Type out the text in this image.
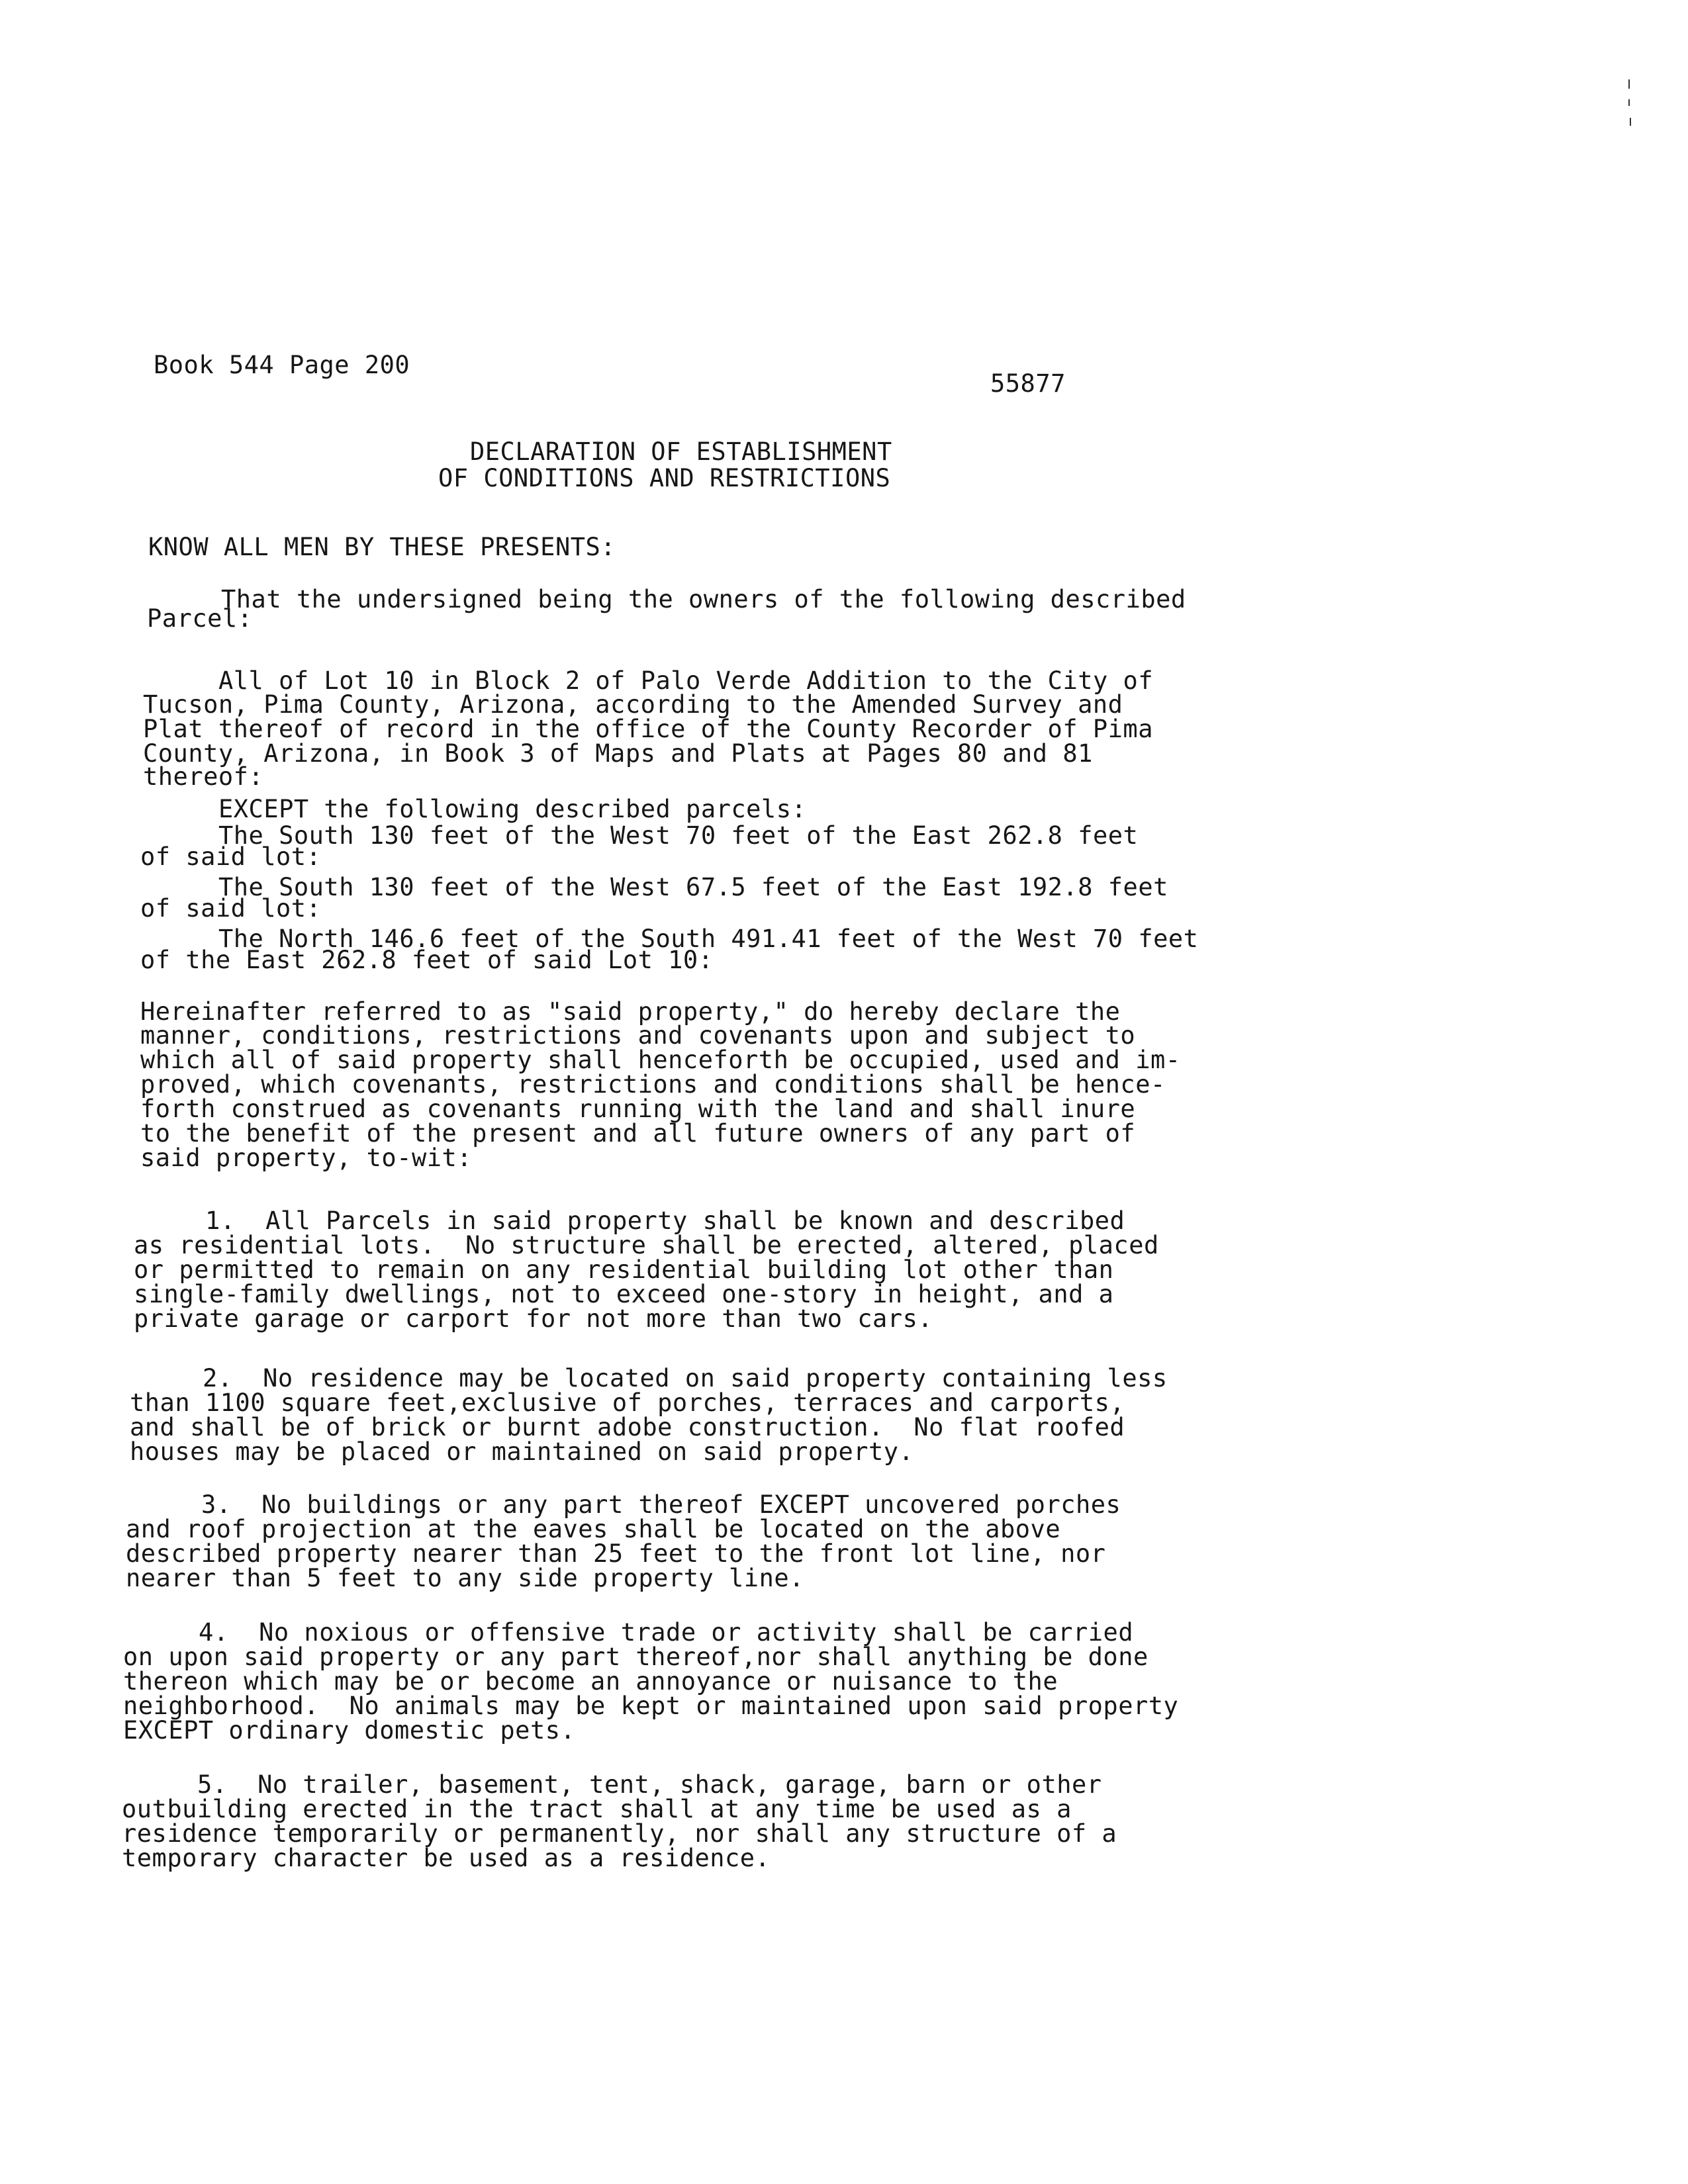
Book 544 Page 200
55877
DECLARATION OF ESTABLISHMENT
OF CONDITIONS AND RESTRICTIONS
KNOW ALL MEN BY THESE PRESENTS:
That the undersigned being the owners of the following described
Parcel:
All of Lot 10 in Block 2 of Palo Verde Addition to the City of
Tucson, Pima County, Arizona, according to the Amended Survey and
Plat thereof of record in the office of the County Recorder of Pima
County, Arizona, in Book 3 of Maps and Plats at Pages 80 and 81
thereof:
EXCEPT the following described parcels:
The South 130 feet of the West 70 feet of the East 262.8 feet
of said lot:
The South 130 feet of the West 67.5 feet of the East 192.8 feet
of said lot:
The North 146.6 feet of the South 491.41 feet of the West 70 feet
of the East 262.8 feet of said Lot 10:
Hereinafter referred to as "said property," do hereby declare the
manner, conditions, restrictions and covenants upon and subject to
which all of said property shall henceforth be occupied, used and im-
proved, which covenants, restrictions and conditions shall be hence-
forth construed as covenants running with the land and shall inure
to the benefit of the present and all future owners of any part of
said property, to-wit:
1.  All Parcels in said property shall be known and described
as residential lots.  No structure shall be erected, altered, placed
or permitted to remain on any residential building lot other than
single-family dwellings, not to exceed one-story in height, and a
private garage or carport for not more than two cars.
2.  No residence may be located on said property containing less
than 1100 square feet,exclusive of porches, terraces and carports,
and shall be of brick or burnt adobe construction.  No flat roofed
houses may be placed or maintained on said property.
3.  No buildings or any part thereof EXCEPT uncovered porches
and roof projection at the eaves shall be located on the above
described property nearer than 25 feet to the front lot line, nor
nearer than 5 feet to any side property line.
4.  No noxious or offensive trade or activity shall be carried
on upon said property or any part thereof,nor shall anything be done
thereon which may be or become an annoyance or nuisance to the
neighborhood.  No animals may be kept or maintained upon said property
EXCEPT ordinary domestic pets.
5.  No trailer, basement, tent, shack, garage, barn or other
outbuilding erected in the tract shall at any time be used as a
residence temporarily or permanently, nor shall any structure of a
temporary character be used as a residence.
